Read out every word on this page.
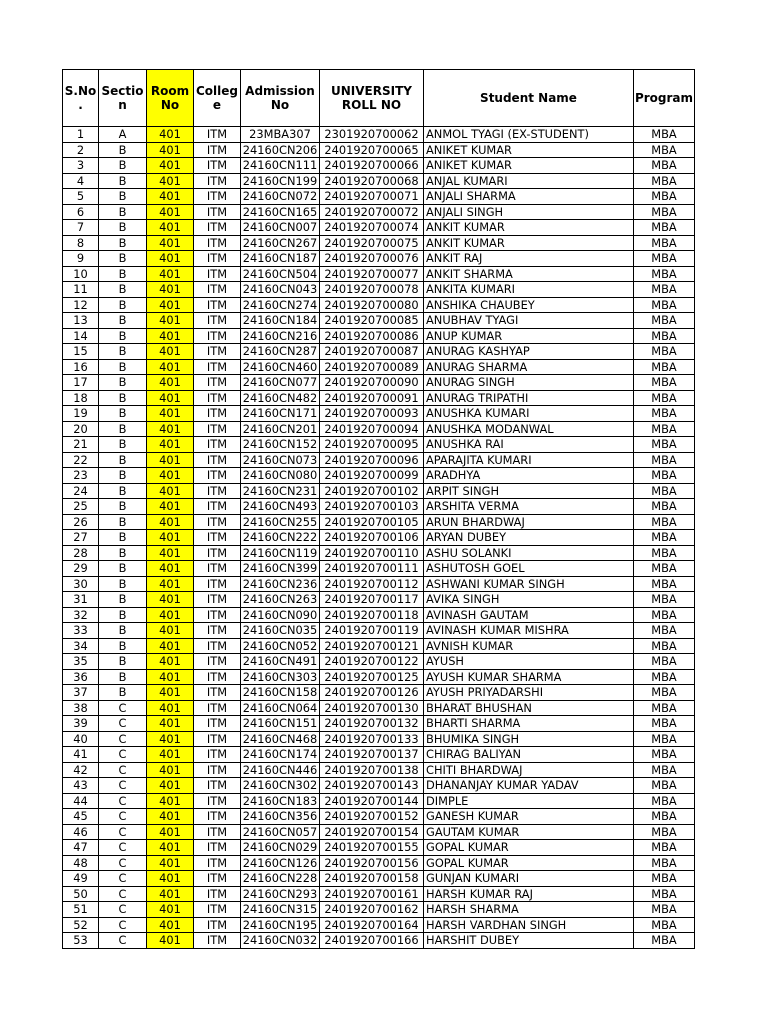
S.No .	Sectio n	Room No	Colleg e	Admission No	UNIVERSITY ROLL NO	Student Name	Program
1	A	401	ITM	23MBA307	2301920700062	ANMOL TYAGI (EX-STUDENT)	MBA
2	B	401	ITM	24160CN206	2401920700065	ANIKET KUMAR	MBA
3	B	401	ITM	24160CN111	2401920700066	ANIKET KUMAR	MBA
4	B	401	ITM	24160CN199	2401920700068	ANJAL KUMARI	MBA
5	B	401	ITM	24160CN072	2401920700071	ANJALI SHARMA	MBA
6	B	401	ITM	24160CN165	2401920700072	ANJALI SINGH	MBA
7	B	401	ITM	24160CN007	2401920700074	ANKIT KUMAR	MBA
8	B	401	ITM	24160CN267	2401920700075	ANKIT KUMAR	MBA
9	B	401	ITM	24160CN187	2401920700076	ANKIT RAJ	MBA
10	B	401	ITM	24160CN504	2401920700077	ANKIT SHARMA	MBA
11	B	401	ITM	24160CN043	2401920700078	ANKITA KUMARI	MBA
12	B	401	ITM	24160CN274	2401920700080	ANSHIKA CHAUBEY	MBA
13	B	401	ITM	24160CN184	2401920700085	ANUBHAV TYAGI	MBA
14	B	401	ITM	24160CN216	2401920700086	ANUP KUMAR	MBA
15	B	401	ITM	24160CN287	2401920700087	ANURAG KASHYAP	MBA
16	B	401	ITM	24160CN460	2401920700089	ANURAG SHARMA	MBA
17	B	401	ITM	24160CN077	2401920700090	ANURAG SINGH	MBA
18	B	401	ITM	24160CN482	2401920700091	ANURAG TRIPATHI	MBA
19	B	401	ITM	24160CN171	2401920700093	ANUSHKA KUMARI	MBA
20	B	401	ITM	24160CN201	2401920700094	ANUSHKA MODANWAL	MBA
21	B	401	ITM	24160CN152	2401920700095	ANUSHKA RAI	MBA
22	B	401	ITM	24160CN073	2401920700096	APARAJITA KUMARI	MBA
23	B	401	ITM	24160CN080	2401920700099	ARADHYA	MBA
24	B	401	ITM	24160CN231	2401920700102	ARPIT SINGH	MBA
25	B	401	ITM	24160CN493	2401920700103	ARSHITA VERMA	MBA
26	B	401	ITM	24160CN255	2401920700105	ARUN BHARDWAJ	MBA
27	B	401	ITM	24160CN222	2401920700106	ARYAN DUBEY	MBA
28	B	401	ITM	24160CN119	2401920700110	ASHU SOLANKI	MBA
29	B	401	ITM	24160CN399	2401920700111	ASHUTOSH GOEL	MBA
30	B	401	ITM	24160CN236	2401920700112	ASHWANI KUMAR SINGH	MBA
31	B	401	ITM	24160CN263	2401920700117	AVIKA SINGH	MBA
32	B	401	ITM	24160CN090	2401920700118	AVINASH GAUTAM	MBA
33	B	401	ITM	24160CN035	2401920700119	AVINASH KUMAR MISHRA	MBA
34	B	401	ITM	24160CN052	2401920700121	AVNISH KUMAR	MBA
35	B	401	ITM	24160CN491	2401920700122	AYUSH	MBA
36	B	401	ITM	24160CN303	2401920700125	AYUSH KUMAR SHARMA	MBA
37	B	401	ITM	24160CN158	2401920700126	AYUSH PRIYADARSHI	MBA
38	C	401	ITM	24160CN064	2401920700130	BHARAT BHUSHAN	MBA
39	C	401	ITM	24160CN151	2401920700132	BHARTI SHARMA	MBA
40	C	401	ITM	24160CN468	2401920700133	BHUMIKA SINGH	MBA
41	C	401	ITM	24160CN174	2401920700137	CHIRAG BALIYAN	MBA
42	C	401	ITM	24160CN446	2401920700138	CHITI BHARDWAJ	MBA
43	C	401	ITM	24160CN302	2401920700143	DHANANJAY KUMAR YADAV	MBA
44	C	401	ITM	24160CN183	2401920700144	DIMPLE	MBA
45	C	401	ITM	24160CN356	2401920700152	GANESH KUMAR	MBA
46	C	401	ITM	24160CN057	2401920700154	GAUTAM KUMAR	MBA
47	C	401	ITM	24160CN029	2401920700155	GOPAL KUMAR	MBA
48	C	401	ITM	24160CN126	2401920700156	GOPAL KUMAR	MBA
49	C	401	ITM	24160CN228	2401920700158	GUNJAN KUMARI	MBA
50	C	401	ITM	24160CN293	2401920700161	HARSH KUMAR RAJ	MBA
51	C	401	ITM	24160CN315	2401920700162	HARSH SHARMA	MBA
52	C	401	ITM	24160CN195	2401920700164	HARSH VARDHAN SINGH	MBA
53	C	401	ITM	24160CN032	2401920700166	HARSHIT DUBEY	MBA
